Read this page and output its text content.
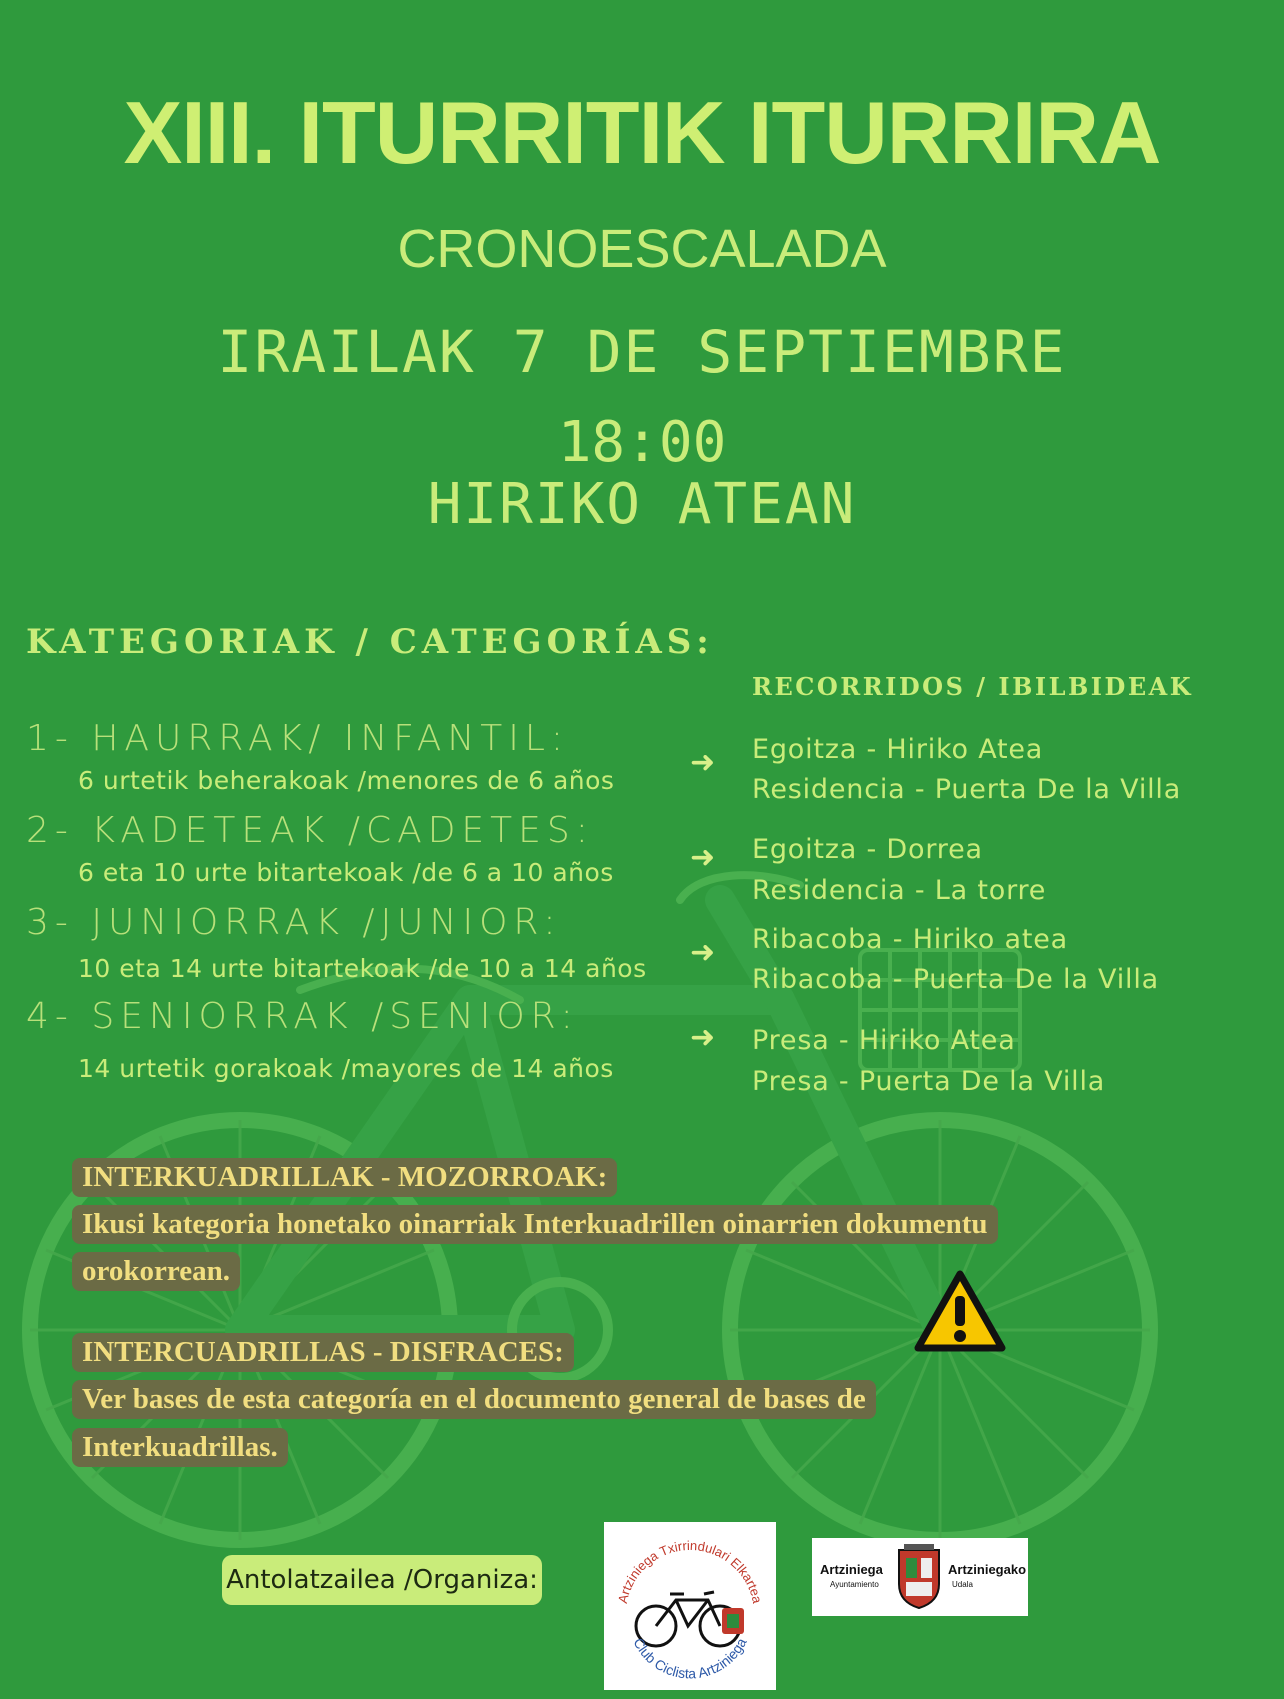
XIII. ITURRITIK ITURRIRA
CRONOESCALADA
IRAILAK 7 DE SEPTIEMBRE
18:00
HIRIKO ATEAN
KATEGORIAK / CATEGORÍAS:
RECORRIDOS / IBILBIDEAK
1- HAURRAK/ INFANTIL:
6 urtetik beherakoak /menores de 6 años
2- KADETEAK /CADETES:
6 eta 10 urte bitartekoak /de 6 a 10 años
3- JUNIORRAK /JUNIOR:
10 eta 14 urte bitartekoak /de 10 a 14 años
4- SENIORRAK /SENIOR:
14 urtetik gorakoak /mayores de 14 años
➜
➜
➜
➜
Egoitza - Hiriko Atea
Residencia - Puerta De la Villa
Egoitza - Dorrea
Residencia - La torre
Ribacoba - Hiriko atea
Ribacoba - Puerta De la Villa
Presa - Hiriko Atea
Presa - Puerta De la Villa
INTERKUADRILLAK - MOZORROAK:
Ikusi kategoria honetako oinarriak Interkuadrillen oinarrien dokumentu
orokorrean.
INTERCUADRILLAS - DISFRACES:
Ver bases de esta categoría en el documento general de bases de
Interkuadrillas.
Antolatzailea /Organiza:
Artziniega Txirrindulari Elkartea
Club Ciclista Artziniega
Artziniega
Ayuntamiento
Artziniegako
Udala
